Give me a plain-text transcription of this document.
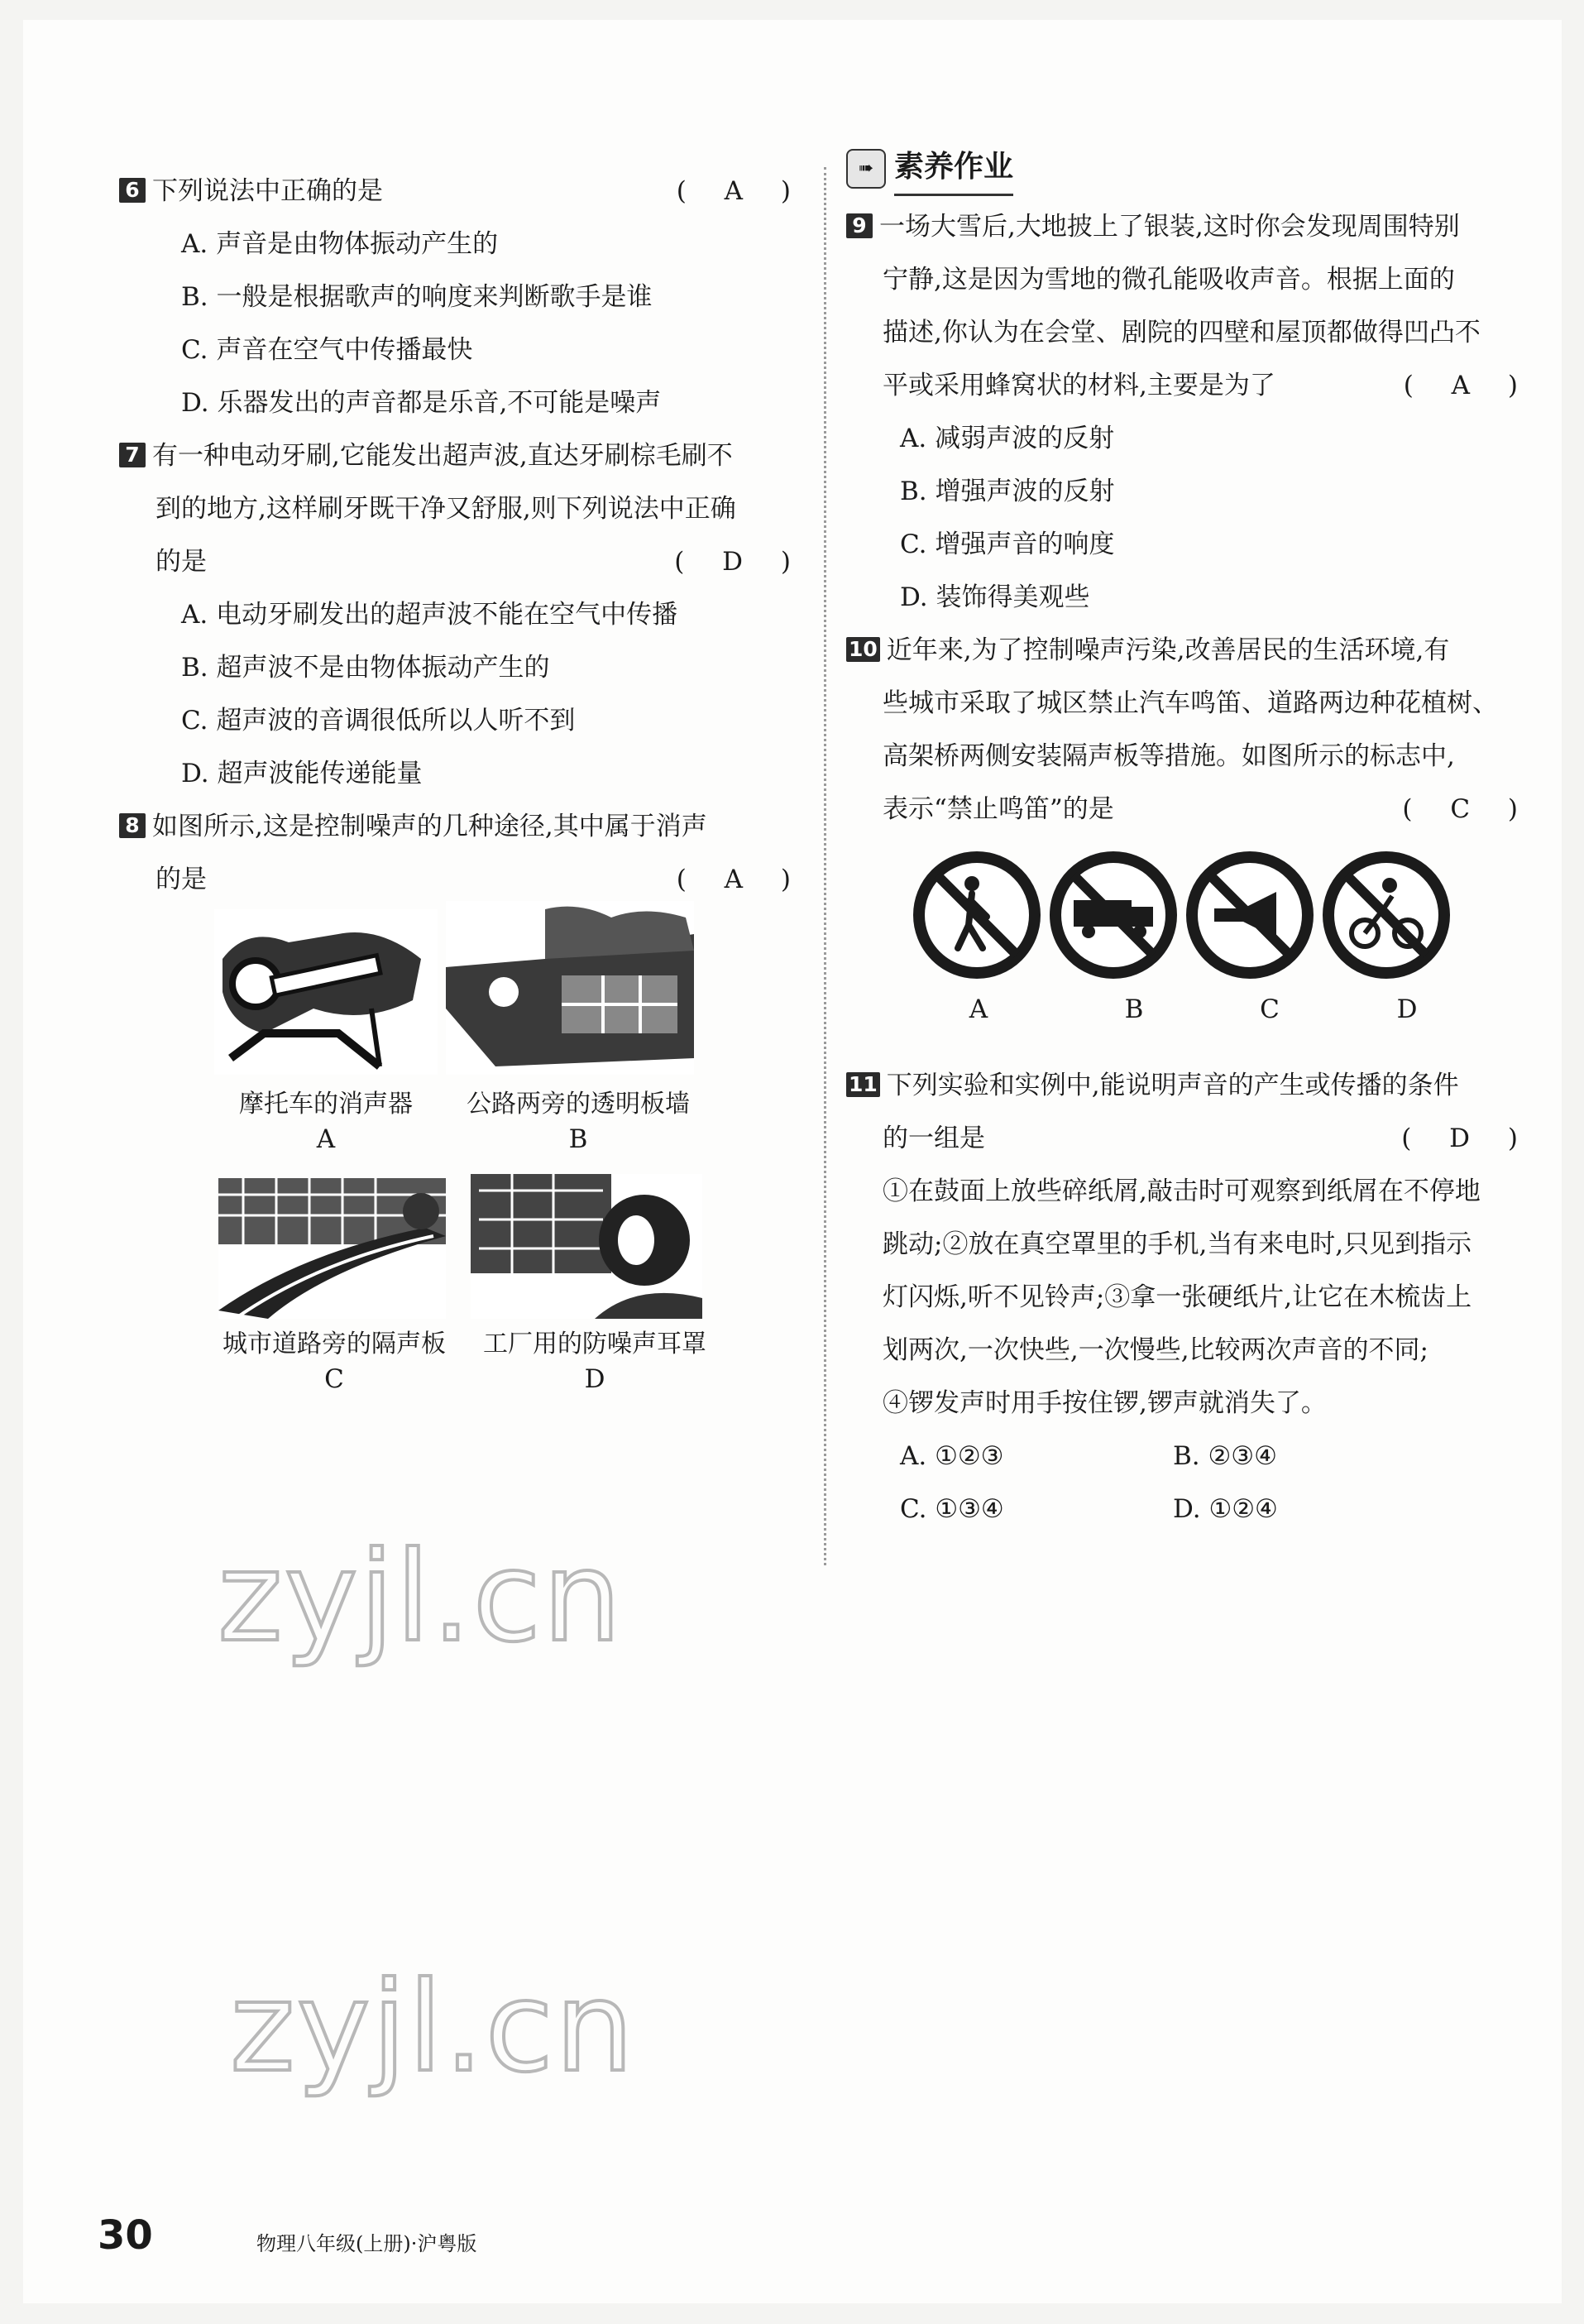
6 下列说法中正确的是	( A )
A. 声音是由物体振动产生的
B. 一般是根据歌声的响度来判断歌手是谁
C. 声音在空气中传播最快
D. 乐器发出的声音都是乐音,不可能是噪声
7 有一种电动牙刷,它能发出超声波,直达牙刷棕毛刷不
到的地方,这样刷牙既干净又舒服,则下列说法中正确
的是	( D )
A. 电动牙刷发出的超声波不能在空气中传播
B. 超声波不是由物体振动产生的
C. 超声波的音调很低所以人听不到
D. 超声波能传递能量
8 如图所示,这是控制噪声的几种途径,其中属于消声
的是	( A )
摩托车的消声器	公路两旁的透明板墙
A	B
城市道路旁的隔声板	工厂用的防噪声耳罩
C	D
➠ 素养作业
9 一场大雪后,大地披上了银装,这时你会发现周围特别
宁静,这是因为雪地的微孔能吸收声音。根据上面的
描述,你认为在会堂、剧院的四壁和屋顶都做得凹凸不
平或采用蜂窝状的材料,主要是为了	( A )
A. 减弱声波的反射
B. 增强声波的反射
C. 增强声音的响度
D. 装饰得美观些
10 近年来,为了控制噪声污染,改善居民的生活环境,有
些城市采取了城区禁止汽车鸣笛、道路两边种花植树、
高架桥两侧安装隔声板等措施。如图所示的标志中,
表示“禁止鸣笛”的是	( C )
A	B	C	D
11 下列实验和实例中,能说明声音的产生或传播的条件
的一组是	( D )
①在鼓面上放些碎纸屑,敲击时可观察到纸屑在不停地
跳动;②放在真空罩里的手机,当有来电时,只见到指示
灯闪烁,听不见铃声;③拿一张硬纸片,让它在木梳齿上
划两次,一次快些,一次慢些,比较两次声音的不同;
④锣发声时用手按住锣,锣声就消失了。
A. ①②③	B. ②③④
C. ①③④	D. ①②④
zyjl.cn
zyjl.cn
30	物理八年级(上册)·沪粤版
